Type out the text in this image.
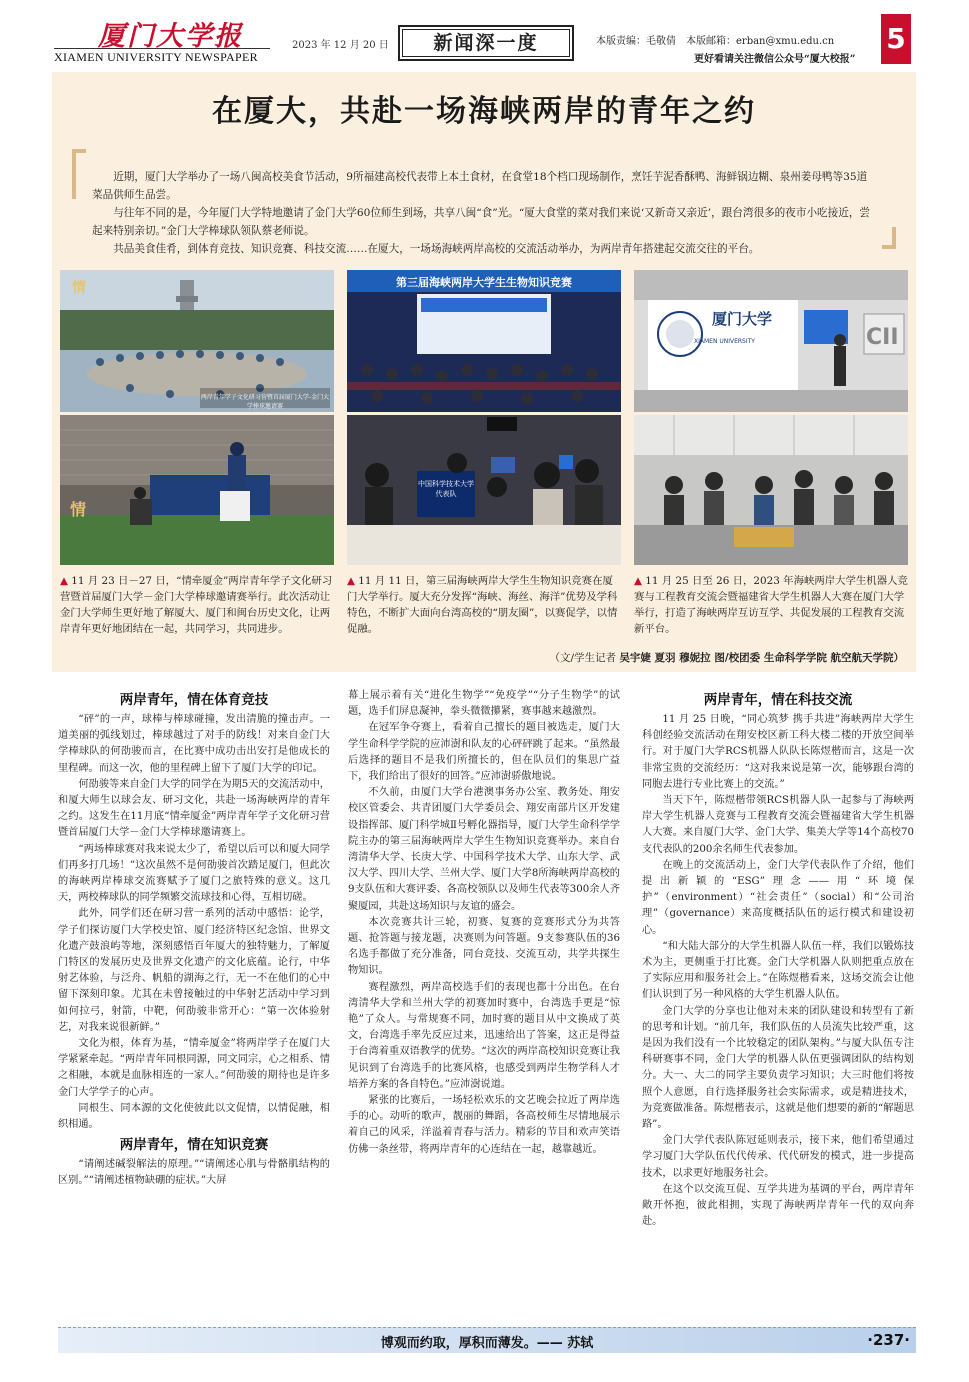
厦门大学报
XIAMEN UNIVERSITY NEWSPAPER
2023 年 12 月 20 日	新闻深一度	本版责编：毛敬倩　本版邮箱：erban@xmu.edu.cn
更好看请关注微信公众号“厦大校报”
5
在厦大，共赴一场海峡两岸的青年之约

近期，厦门大学举办了一场八闽高校美食节活动，9所福建高校代表带上本土食材，在食堂18个档口现场制作，烹饪芋泥香酥鸭、海鲜锅边糊、泉州姜母鸭等35道菜品供师生品尝。

与往年不同的是，今年厦门大学特地邀请了金门大学60位师生到场，共享八闽“食”光。“厦大食堂的菜对我们来说‘又新奇又亲近’，跟台湾很多的夜市小吃接近，尝起来特别亲切。”金门大学棒球队领队蔡老师说。

共品美食佳肴，到体育竞技、知识竞赛、科技交流……在厦大，一场场海峡两岸高校的交流活动举办，为两岸青年搭建起交流交往的平台。

情
两岸青年学子文化研习营暨首届厦门大学-金门大学棒球邀请赛
情
▲ 11 月 23 日－27 日，“情牵厦金”两岸青年学子文化研习营暨首届厦门大学－金门大学棒球邀请赛举行。此次活动让金门大学师生更好地了解厦大、厦门和闽台历史文化，让两岸青年更好地团结在一起，共同学习，共同进步。
第三届海峡两岸大学生生物知识竞赛
中国科学技术大学代表队
▲ 11 月 11 日，第三届海峡两岸大学生生物知识竞赛在厦门大学举行。厦大充分发挥“海峡、海丝、海洋”优势及学科特色，不断扩大面向台湾高校的“朋友圈”，以赛促学，以情促融。
CII
厦门大学
XIAMEN UNIVERSITY
▲ 11 月 25 日至 26 日，2023 年海峡两岸大学生机器人竞赛与工程教育交流会暨福建省大学生机器人大赛在厦门大学举行，打造了海峡两岸互访互学、共促发展的工程教育交流新平台。
（文/学生记者 吴宇婕 夏羽 穆妮拉 图/校团委 生命科学学院 航空航天学院）
两岸青年，情在体育竞技

“砰”的一声，球棒与棒球碰撞，发出清脆的撞击声。一道美丽的弧线划过，棒球越过了对手的防线！对来自金门大学棒球队的何劭骏而言，在比赛中成功击出安打是他成长的里程碑。而这一次，他的里程碑上留下了厦门大学的印记。

何劭骏等来自金门大学的同学在为期5天的交流活动中，和厦大师生以球会友、研习文化，共赴一场海峡两岸的青年之约。这发生在11月底“情牵厦金”两岸青年学子文化研习营暨首届厦门大学－金门大学棒球邀请赛上。

“两场棒球赛对我来说太少了，希望以后可以和厦大同学们再多打几场！”这次虽然不是何劭骏首次踏足厦门，但此次的海峡两岸棒球交流赛赋予了厦门之旅特殊的意义。这几天，两校棒球队的同学频繁交流球技和心得，互相切磋。

此外，同学们还在研习营一系列的活动中感悟：论学，学子们探访厦门大学校史馆、厦门经济特区纪念馆、世界文化遗产鼓浪屿等地，深刻感悟百年厦大的独特魅力，了解厦门特区的发展历史及世界文化遗产的文化底蕴。论行，中华射艺体验，与泛舟、帆船的湖海之行，无一不在他们的心中留下深刻印象。尤其在未曾接触过的中华射艺活动中学习到如何拉弓，射箭，中靶，何劭骏非常开心：“第一次体验射艺，对我来说很新鲜。”

文化为根，体育为基，“情牵厦金”将两岸学子在厦门大学紧紧牵起。“两岸青年同根同源，同文同宗，心之相系、情之相融，本就是血脉相连的一家人。”何劭骏的期待也是许多金门大学学子的心声。

同根生、同本源的文化使彼此以文促情，以情促融，相织相通。

两岸青年，情在知识竞赛

“请阐述碱裂解法的原理。”“请阐述心肌与骨骼肌结构的区别。”“请阐述植物缺硼的症状。”大屏

幕上展示着有关“进化生物学”“免疫学”“分子生物学”的试题，选手们屏息凝神，拳头微微攥紧，赛事越来越激烈。

在冠军争夺赛上，看着自己擅长的题目被选走，厦门大学生命科学学院的应沛澍和队友的心砰砰跳了起来。“虽然最后选择的题目不是我们所擅长的，但在队员们的集思广益下，我们给出了很好的回答。”应沛澍骄傲地说。

不久前，由厦门大学台港澳事务办公室、教务处、翔安校区管委会、共青团厦门大学委员会、翔安南部片区开发建设指挥部、厦门科学城Ⅱ号孵化器指导，厦门大学生命科学学院主办的第三届海峡两岸大学生生物知识竞赛举办。来自台湾清华大学、长庚大学、中国科学技术大学、山东大学、武汉大学、四川大学、兰州大学、厦门大学8所海峡两岸高校的9支队伍和大赛评委、各高校领队以及师生代表等300余人齐聚厦园，共赴这场知识与友谊的盛会。

本次竞赛共计三轮，初赛、复赛的竞赛形式分为共答题、抢答题与接龙题，决赛则为问答题。9支参赛队伍的36名选手都做了充分准备，同台竞技、交流互动，共学共探生物知识。

赛程激烈，两岸高校选手们的表现也都十分出色。在台湾清华大学和兰州大学的初赛加时赛中，台湾选手更是“惊艳”了众人。与常规赛不同，加时赛的题目从中文换成了英文，台湾选手率先反应过来，迅速给出了答案，这正是得益于台湾着重双语教学的优势。“这次的两岸高校知识竞赛让我见识到了台湾选手的比赛风格，也感受到两岸生物学科人才培养方案的各自特色。”应沛澍说道。

紧张的比赛后，一场轻松欢乐的文艺晚会拉近了两岸选手的心。动听的歌声，靓丽的舞蹈，各高校师生尽情地展示着自己的风采，洋溢着青春与活力。精彩的节目和欢声笑语仿佛一条丝带，将两岸青年的心连结在一起，越靠越近。

两岸青年，情在科技交流

11 月 25 日晚，“同心筑梦 携手共进”海峡两岸大学生科创经验交流活动在翔安校区新工科大楼二楼的开放空间举行。对于厦门大学RCS机器人队队长陈煜楷而言，这是一次非常宝贵的交流经历：“这对我来说是第一次，能够跟台湾的同胞去进行专业比赛上的交流。”

当天下午，陈煜楷带领RCS机器人队一起参与了海峡两岸大学生机器人竞赛与工程教育交流会暨福建省大学生机器人大赛。来自厦门大学、金门大学、集美大学等14个高校70支代表队的200余名师生代表参加。

在晚上的交流活动上，金门大学代表队作了介绍，他们提出新颖的“ESG”理念——用“环境保护”（environment）“社会责任”（social）和“公司治理”（governance）来高度概括队伍的运行模式和建设初心。

“和大陆大部分的大学生机器人队伍一样，我们以锻炼技术为主，更侧重于打比赛。金门大学机器人队则把重点放在了实际应用和服务社会上。”在陈煜楷看来，这场交流会让他们认识到了另一种风格的大学生机器人队伍。

金门大学的分享也让他对未来的团队建设和转型有了新的思考和计划。“前几年，我们队伍的人员流失比较严重，这是因为我们没有一个比较稳定的团队架构。”与厦大队伍专注科研赛事不同，金门大学的机器人队伍更强调团队的结构划分。大一、大二的同学主要负责学习知识；大三时他们将按照个人意愿，自行选择服务社会实际需求，或是精进技术，为竞赛做准备。陈煜楷表示，这就是他们想要的新的“解题思路”。

金门大学代表队陈冠延则表示，接下来，他们希望通过学习厦门大学队伍代代传承、代代研发的模式，进一步提高技术，以求更好地服务社会。

在这个以交流互促、互学共进为基调的平台，两岸青年敞开怀抱，彼此相拥，实现了海峡两岸青年一代的双向奔赴。

博观而约取，厚积而薄发。—— 苏轼	·237·
